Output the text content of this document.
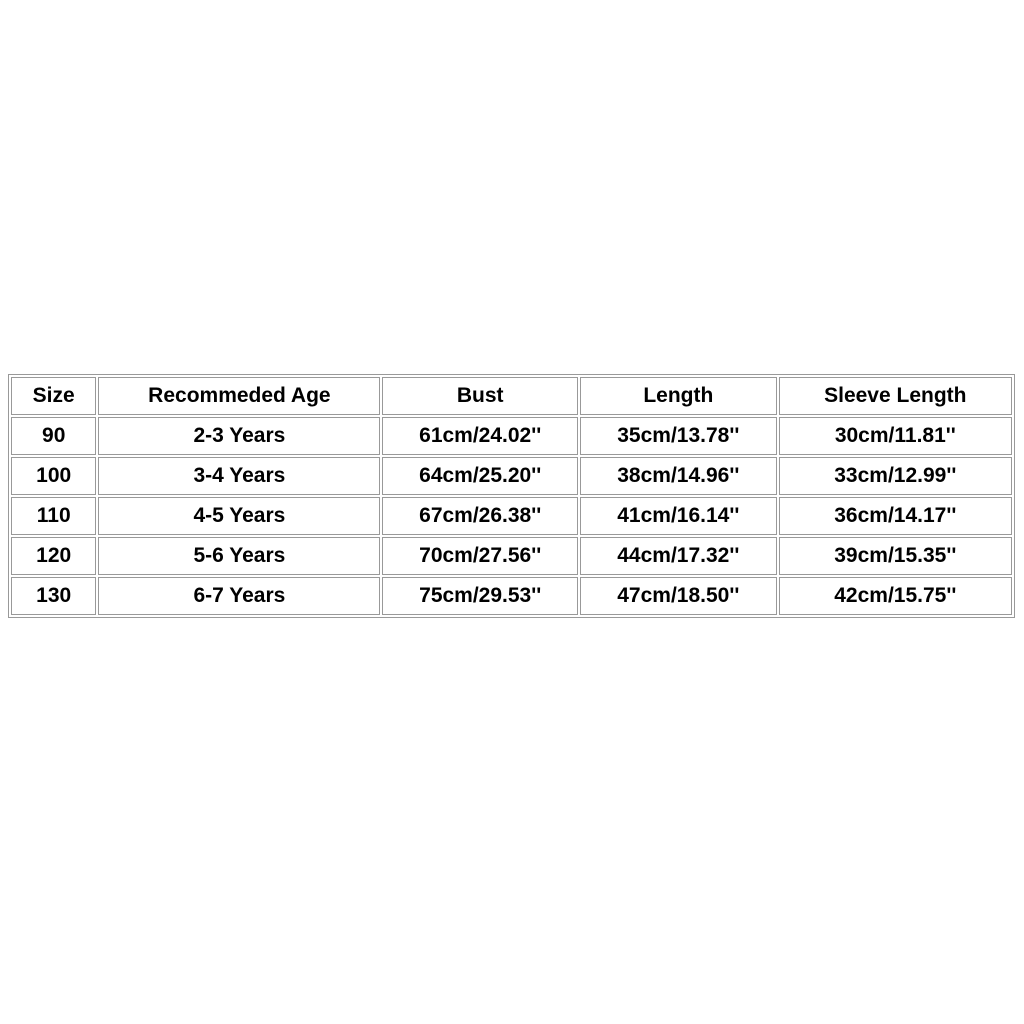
Size	Recommeded Age	Bust	Length	Sleeve Length
90	2-3 Years	61cm/24.02''	35cm/13.78''	30cm/11.81''
100	3-4 Years	64cm/25.20''	38cm/14.96''	33cm/12.99''
110	4-5 Years	67cm/26.38''	41cm/16.14''	36cm/14.17''
120	5-6 Years	70cm/27.56''	44cm/17.32''	39cm/15.35''
130	6-7 Years	75cm/29.53''	47cm/18.50''	42cm/15.75''
